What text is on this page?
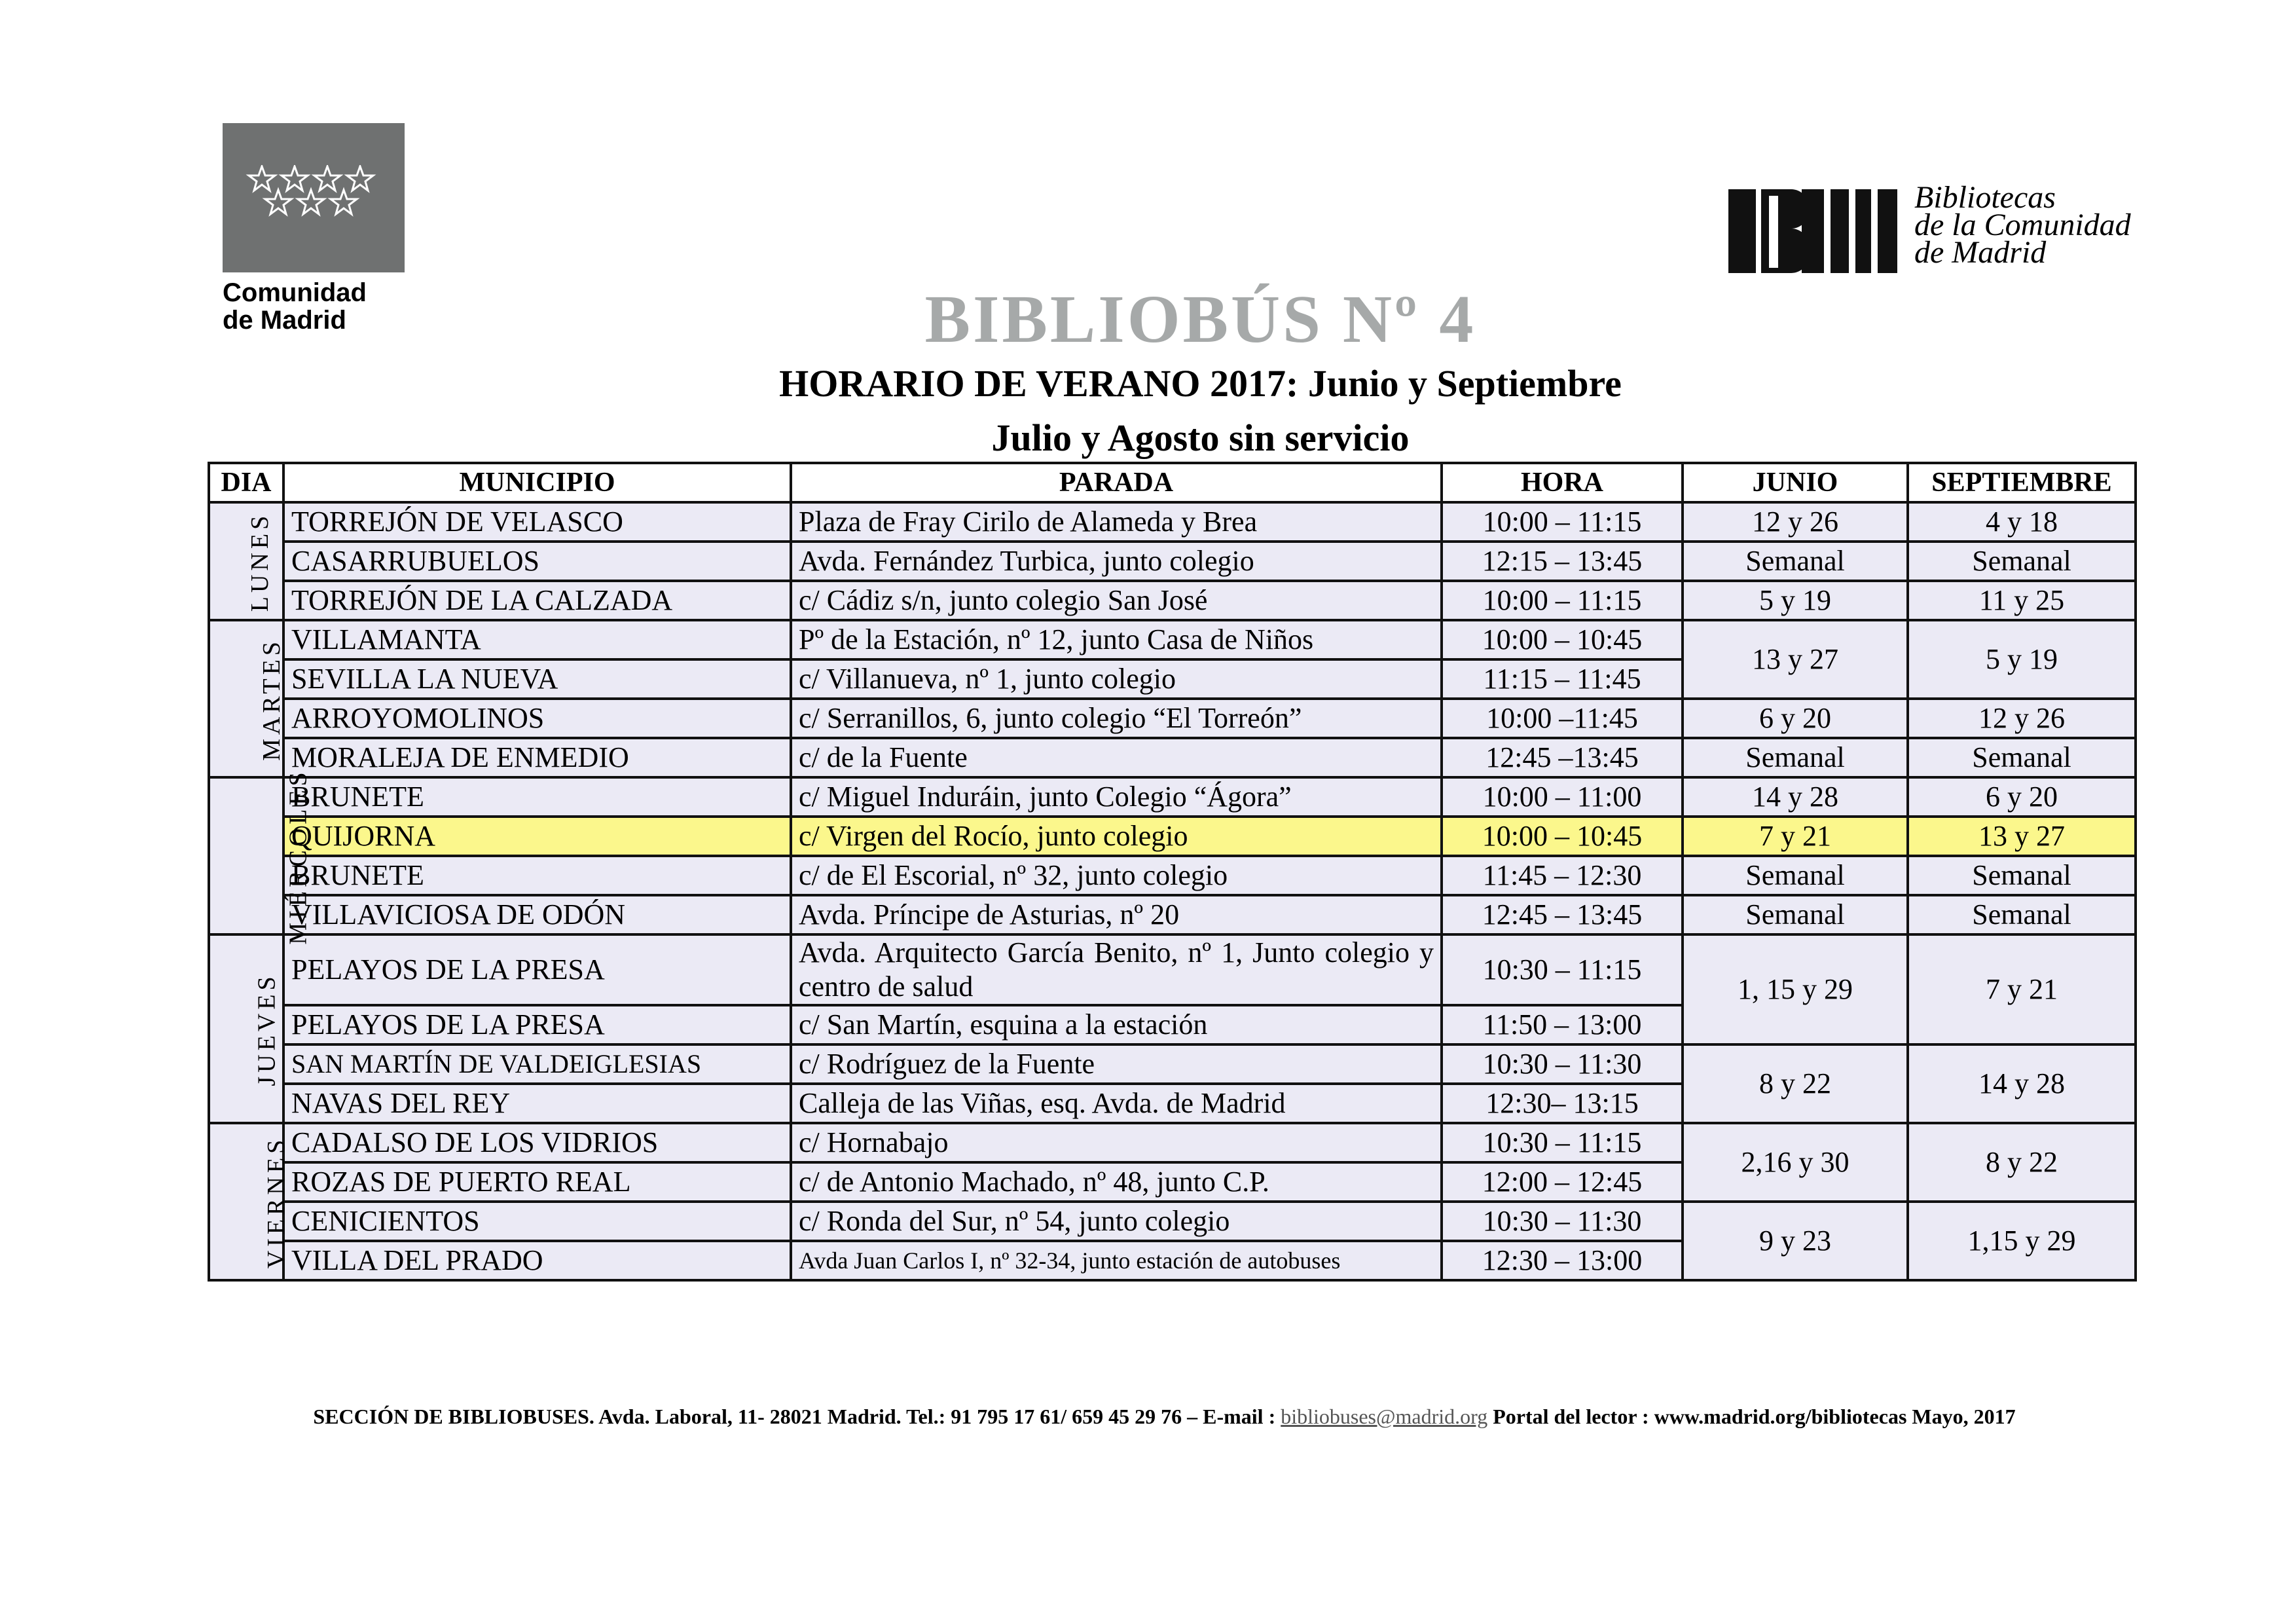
Comunidad
de Madrid
Bibliotecas
de la Comunidad
de Madrid
BIBLIOBÚS Nº 4
HORARIO DE VERANO 2017: Junio y Septiembre
Julio y Agosto sin servicio
DIA	MUNICIPIO	PARADA	HORA	JUNIO	SEPTIEMBRE
LUNES	TORREJÓN DE VELASCO	Plaza de Fray Cirilo de Alameda y Brea	10:00 – 11:15	12 y 26	4 y 18
	CASARRUBUELOS	Avda. Fernández Turbica, junto colegio	12:15 – 13:45	Semanal	Semanal
	TORREJÓN DE LA CALZADA	c/ Cádiz s/n, junto colegio San José	10:00 – 11:15	5 y 19	11 y 25
MARTES	VILLAMANTA	Pº de la Estación, nº 12, junto Casa de Niños	10:00 – 10:45	13 y 27	5 y 19
	SEVILLA LA NUEVA	c/ Villanueva, nº 1, junto colegio	11:15 – 11:45		
	ARROYOMOLINOS	c/ Serranillos, 6, junto colegio “El Torreón”	10:00 –11:45	6 y 20	12 y 26
	MORALEJA DE ENMEDIO	c/ de la Fuente	12:45 –13:45	Semanal	Semanal
MIÉRCOLES	BRUNETE	c/ Miguel Induráin, junto Colegio “Ágora”	10:00 – 11:00	14 y 28	6 y 20
	QUIJORNA	c/ Virgen del Rocío, junto colegio	10:00 – 10:45	7 y 21	13 y 27
	BRUNETE	c/ de El Escorial, nº 32, junto colegio	11:45 – 12:30	Semanal	Semanal
	VILLAVICIOSA DE ODÓN	Avda. Príncipe de Asturias, nº 20	12:45 – 13:45	Semanal	Semanal
JUEVES	PELAYOS DE LA PRESA	Avda. Arquitecto García Benito, nº 1, Junto colegio y centro de salud	10:30 – 11:15	1, 15 y 29	7 y 21
	PELAYOS DE LA PRESA	c/ San Martín, esquina a la estación	11:50 – 13:00		
	SAN MARTÍN DE VALDEIGLESIAS	c/ Rodríguez de la Fuente	10:30 – 11:30	8 y 22	14 y 28
	NAVAS DEL REY	Calleja de las Viñas, esq. Avda. de Madrid	12:30– 13:15		
VIERNES	CADALSO DE LOS VIDRIOS	c/ Hornabajo	10:30 – 11:15	2,16 y 30	8 y 22
	ROZAS DE PUERTO REAL	c/ de Antonio Machado, nº 48, junto C.P.	12:00 – 12:45		
	CENICIENTOS	c/ Ronda del Sur, nº 54, junto colegio	10:30 – 11:30	9 y 23	1,15 y 29
	VILLA DEL PRADO	Avda Juan Carlos I, nº 32-34, junto estación de autobuses	12:30 – 13:00		
SECCIÓN DE BIBLIOBUSES. Avda. Laboral, 11- 28021 Madrid. Tel.: 91 795 17 61/ 659 45 29 76 – E-mail : bibliobuses@madrid.org Portal del lector : www.madrid.org/bibliotecas Mayo, 2017
